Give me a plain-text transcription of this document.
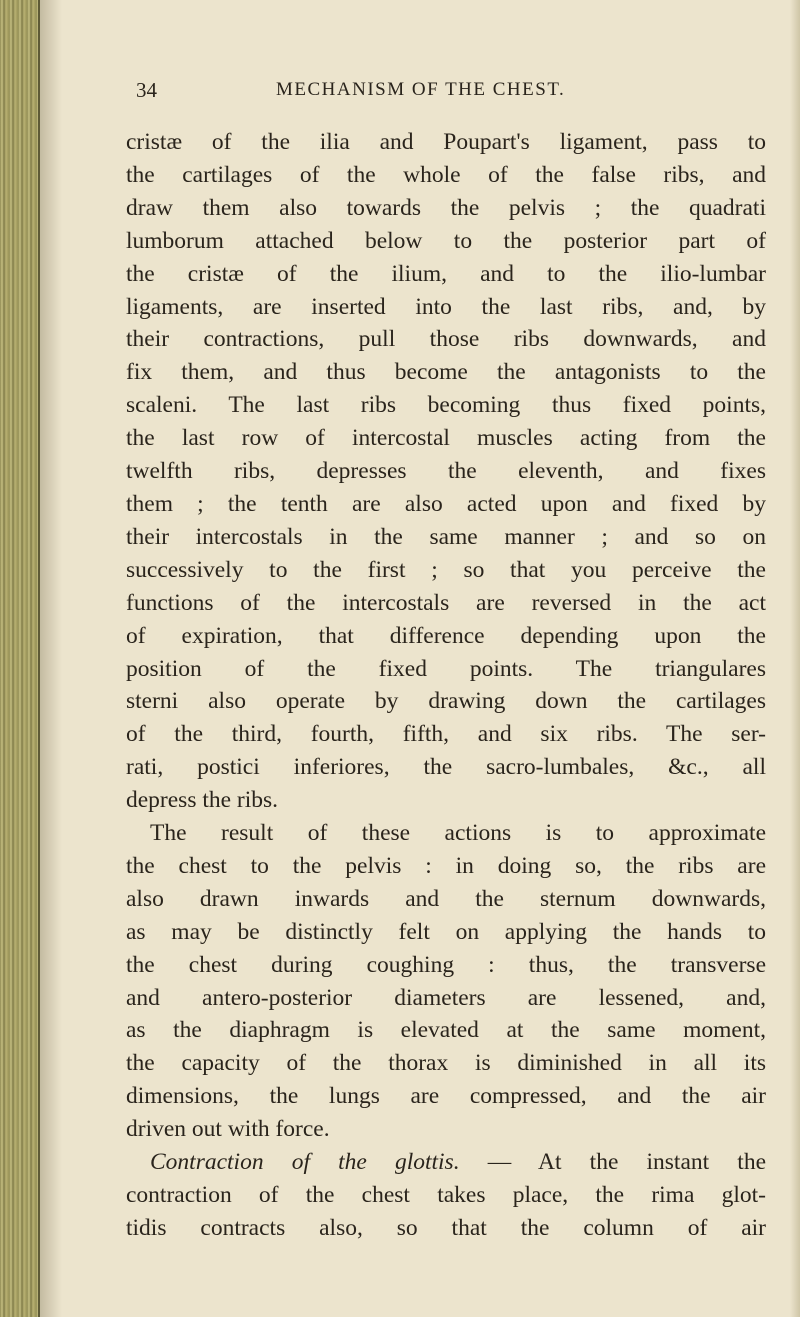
34	MECHANISM OF THE CHEST.
cristæ of the ilia and Poupart's ligament, pass to
the cartilages of the whole of the false ribs, and
draw them also towards the pelvis ; the quadrati
lumborum attached below to the posterior part of
the cristæ of the ilium, and to the ilio-lumbar
ligaments, are inserted into the last ribs, and, by
their contractions, pull those ribs downwards, and
fix them, and thus become the antagonists to the
scaleni. The last ribs becoming thus fixed points,
the last row of intercostal muscles acting from the
twelfth ribs, depresses the eleventh, and fixes
them ; the tenth are also acted upon and fixed by
their intercostals in the same manner ; and so on
successively to the first ; so that you perceive the
functions of the intercostals are reversed in the act
of expiration, that difference depending upon the
position of the fixed points. The triangulares
sterni also operate by drawing down the cartilages
of the third, fourth, fifth, and six ribs. The ser-
rati, postici inferiores, the sacro-lumbales, &c., all
depress the ribs.
The result of these actions is to approximate
the chest to the pelvis : in doing so, the ribs are
also drawn inwards and the sternum downwards,
as may be distinctly felt on applying the hands to
the chest during coughing : thus, the transverse
and antero-posterior diameters are lessened, and,
as the diaphragm is elevated at the same moment,
the capacity of the thorax is diminished in all its
dimensions, the lungs are compressed, and the air
driven out with force.
Contraction of the glottis. — At the instant the
contraction of the chest takes place, the rima glot-
tidis contracts also, so that the column of air
